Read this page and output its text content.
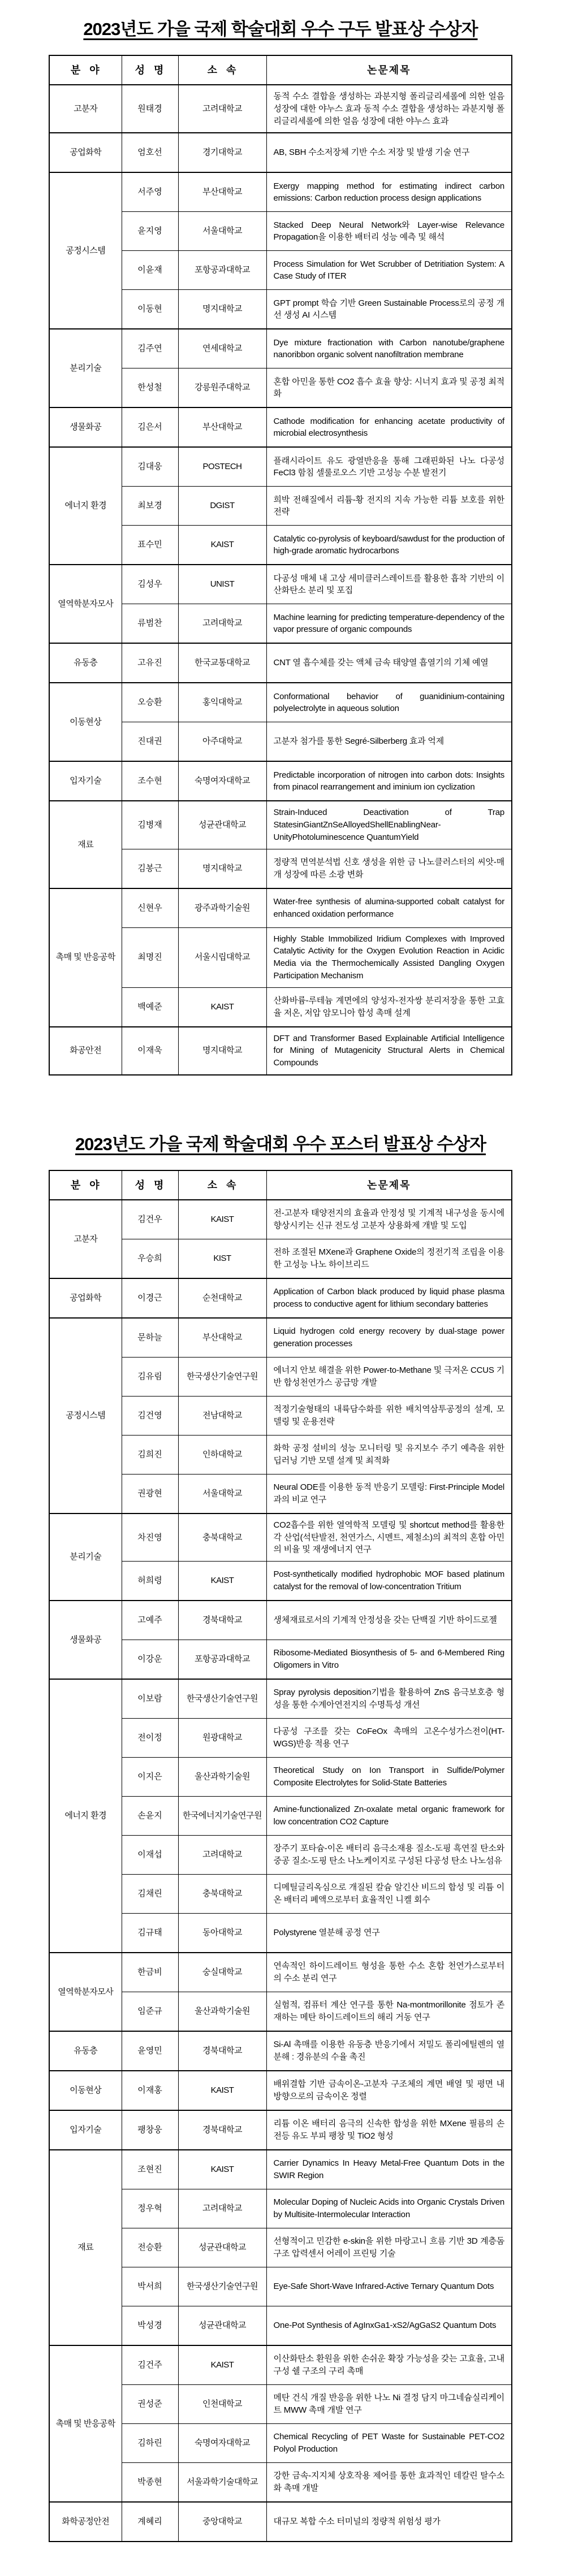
2023년도 가을 국제 학술대회 우수 구두 발표상 수상자
분  야	성  명	소  속	논문제목
고분자	원태경	고려대학교	동적 수소 결합을 생성하는 과분지형 폴리글리세롤에 의한 얼음 성장에 대한 야누스 효과 동적 수소 결합을 생성하는 과분지형 폴리글리세롤에 의한 얼음 성장에 대한 야누스 효과
공업화학	엄호선	경기대학교	AB, SBH 수소저장체 기반 수소 저장 및 발생 기술 연구
공정시스템	서주영	부산대학교	Exergy mapping method for estimating indirect carbon emissions: Carbon reduction process design applications
	윤지영	서울대학교	Stacked Deep Neural Network와 Layer-wise Relevance Propagation을 이용한 배터리 성능 예측 및 해석
	이윤재	포항공과대학교	Process Simulation for Wet Scrubber of Detritiation System: A Case Study of ITER
	이동현	명지대학교	GPT prompt 학습 기반 Green Sustainable Process로의 공정 개선 생성 AI 시스템
분리기술	김주연	연세대학교	Dye mixture fractionation with Carbon nanotube/graphene nanoribbon organic solvent nanofiltration membrane
	한성철	강릉원주대학교	혼합 아민을 통한 CO2 흡수 효율 향상: 시너지 효과 및 공정 최적화
생물화공	김은서	부산대학교	Cathode modification for enhancing acetate productivity of microbial electrosynthesis
에너지 환경	김대웅	POSTECH	플래시라이트 유도 광열반응을 통해 그래핀화된 나노 다공성 FeCl3 함침 셀룰로오스 기반 고성능 수분 발전기
	최보경	DGIST	희박 전해질에서 리튬-황 전지의 지속 가능한 리튬 보호를 위한 전략
	표수민	KAIST	Catalytic co-pyrolysis of keyboard/sawdust for the production of high-grade aromatic hydrocarbons
열역학분자모사	김성우	UNIST	다공성 매체 내 고상 세미클러스레이트를 활용한 흡착 기반의 이산화탄소 분리 및 포집
	류범찬	고려대학교	Machine learning for predicting temperature-dependency of the vapor pressure of organic compounds
유동층	고유진	한국교통대학교	CNT 열 흡수체를 갖는 액체 금속 태양열 흡열기의 기체 예열
이동현상	오승환	홍익대학교	Conformational behavior of guanidinium-containing polyelectrolyte in aqueous solution
	진대권	아주대학교	고분자 첨가를 통한 Segré-Silberberg 효과 억제
입자기술	조수현	숙명여자대학교	Predictable incorporation of nitrogen into carbon dots: Insights from pinacol rearrangement and iminium ion cyclization
재료	김병재	성균관대학교	Strain-Induced Deactivation of Trap StatesinGiantZnSeAlloyedShellEnablingNear-UnityPhotoluminescence QuantumYield
	김봉근	명지대학교	정량적 면역분석법 신호 생성을 위한 금 나노클러스터의 씨앗-매개 성장에 따른 소광 변화
촉매 및 반응공학	신현우	광주과학기술원	Water-free synthesis of alumina-supported cobalt catalyst for enhanced oxidation performance
	최명진	서울시립대학교	Highly Stable Immobilized Iridium Complexes with Improved Catalytic Activity for the Oxygen Evolution Reaction in Acidic Media via the Thermochemically Assisted Dangling Oxygen Participation Mechanism
	백예준	KAIST	산화바륨-루테늄 계면에의 양성자-전자쌍 분리저장을 통한 고효율 저온, 저압 암모니아 합성 촉매 설계
화공안전	이재욱	명지대학교	DFT and Transformer Based Explainable Artificial Intelligence for Mining of Mutagenicity Structural Alerts in Chemical Compounds
2023년도 가을 국제 학술대회 우수 포스터 발표상 수상자
분  야	성  명	소  속	논문제목
고분자	김건우	KAIST	전-고분자 태양전지의 효율과 안정성 및 기계적 내구성을 동시에 향상시키는 신규 전도성 고분자 상용화제 개발 및 도입
	우승희	KIST	전하 조절된 MXene과 Graphene Oxide의 정전기적 조립을 이용한 고성능 나노 하이브리드
공업화학	이경근	순천대학교	Application of Carbon black produced by liquid phase plasma process to conductive agent for lithium secondary batteries
공정시스템	문하늘	부산대학교	Liquid hydrogen cold energy recovery by dual-stage power generation processes
	김유림	한국생산기술연구원	에너지 안보 해결을 위한 Power-to-Methane 및 극저온 CCUS 기반 합성천연가스 공급망 개발
	김건영	전남대학교	적정기술형태의 내륙담수화를 위한 배치역삼투공정의 설계, 모델링 및 운용전략
	김희진	인하대학교	화학 공정 설비의 성능 모니터링 및 유지보수 주기 예측을 위한 딥러닝 기반 모델 설계 및 최적화
	권광현	서울대학교	Neural ODE를 이용한 동적 반응기 모델링: First-Principle Model과의 비교 연구
분리기술	차진영	충북대학교	CO2흡수를 위한 열역학적 모델링 및 shortcut method를 활용한 각 산업(석탄발전, 천연가스, 시멘트, 제철소)의 최적의 혼합 아민의 비율 및 재생에너지 연구
	허희령	KAIST	Post-synthetically modified hydrophobic MOF based platinum catalyst for the removal of low-concentration Tritium
생물화공	고예주	경북대학교	생체재료로서의 기계적 안정성을 갖는 단백질 기반 하이드로젤
	이강운	포항공과대학교	Ribosome-Mediated Biosynthesis of 5- and 6-Membered Ring Oligomers in Vitro
에너지 환경	이보람	한국생산기술연구원	Spray pyrolysis deposition기법을 활용하여 ZnS 음극보호층 형성을 통한 수계아연전지의 수명특성 개선
	전이정	원광대학교	다공성 구조를 갖는 CoFeOx 촉매의 고온수성가스전이(HT-WGS)반응 적용 연구
	이지은	울산과학기술원	Theoretical Study on Ion Transport in Sulfide/Polymer Composite Electrolytes for Solid-State Batteries
	손윤지	한국에너지기술연구원	Amine-functionalized Zn-oxalate metal organic framework for low concentration CO2 Capture
	이재섭	고려대학교	장주기 포타슘-이온 배터리 음극소재용 질소-도핑 흑연질 탄소와 중공 질소-도핑 탄소 나노케이지로 구성된 다공성 탄소 나노섬유
	김채린	충북대학교	디메틸글리옥심으로 개질된 칼슘 알긴산 비드의 합성 및 리튬 이온 배터리 폐액으로부터 효율적인 니켈 회수
	김규태	동아대학교	Polystyrene 열분해 공정 연구
열역학분자모사	한금비	숭실대학교	연속적인 하이드레이트 형성을 통한 수소 혼합 천연가스로부터의 수소 분리 연구
	임준규	울산과학기술원	실험적, 컴퓨터 계산 연구를 통한 Na-montmorillonite 점토가 존재하는 메탄 하이드레이트의 해리 거동 연구
유동층	윤영민	경북대학교	Si-Al 촉매를 이용한 유동층 반응기에서 저밀도 폴리에틸렌의 열분해 : 경유분의 수율 촉진
이동현상	이재홍	KAIST	배위결합 기반 금속이온-고분자 구조체의 계면 배열 및 평면 내 방향으로의 금속이온 정렬
입자기술	팽창웅	경북대학교	리튬 이온 배터리 음극의 신속한 합성을 위한 MXene 필름의 손전등 유도 부피 팽창 및 TiO2 형성
재료	조현진	KAIST	Carrier Dynamics In Heavy Metal-Free Quantum Dots in the SWIR Region
	정우혁	고려대학교	Molecular Doping of Nucleic Acids into Organic Crystals Driven by Multisite-Intermolecular Interaction
	전승환	성균관대학교	선형적이고 민감한 e-skin을 위한 마랑고니 흐름 기반 3D 계층돔 구조 압력센서 어레이 프린팅 기술
	박서희	한국생산기술연구원	Eye-Safe Short-Wave Infrared-Active Ternary Quantum Dots
	박성경	성균관대학교	One-Pot Synthesis of AgInxGa1-xS2/AgGaS2 Quantum Dots
촉매 및 반응공학	김건주	KAIST	이산화탄소 환원을 위한 손쉬운 확장 가능성을 갖는 고효율, 고내구성 쉘 구조의 구리 촉매
	권성준	인천대학교	메탄 건식 개질 반응을 위한 나노 Ni 결정 담지 마그네슘실리케이트 MWW 촉매 개발 연구
	김하린	숙명여자대학교	Chemical Recycling of PET Waste for Sustainable PET-CO2 Polyol Production
	박종현	서울과학기술대학교	강한 금속-지지체 상호작용 제어를 통한 효과적인 데칼린 탈수소화 촉매 개발
화학공정안전	계혜리	중앙대학교	대규모 복합 수소 터미널의 정량적 위험성 평가
